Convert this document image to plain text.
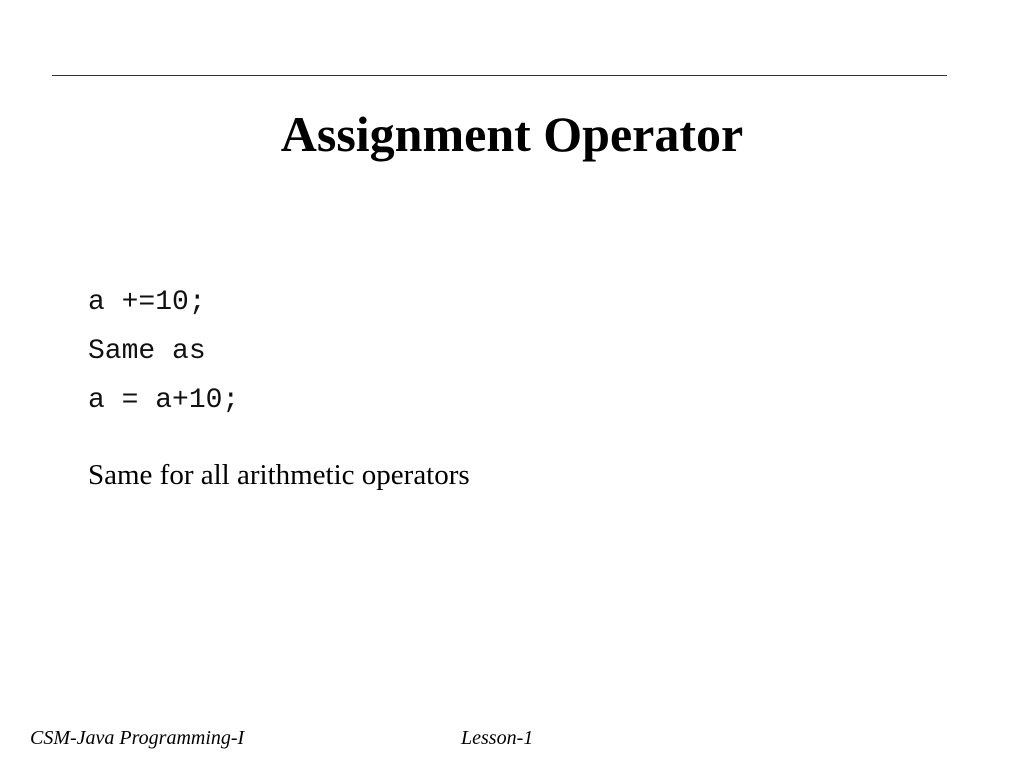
Assignment Operator
a +=10;
Same as
a = a+10;
Same for all arithmetic operators
CSM-Java Programming-I	Lesson-1
